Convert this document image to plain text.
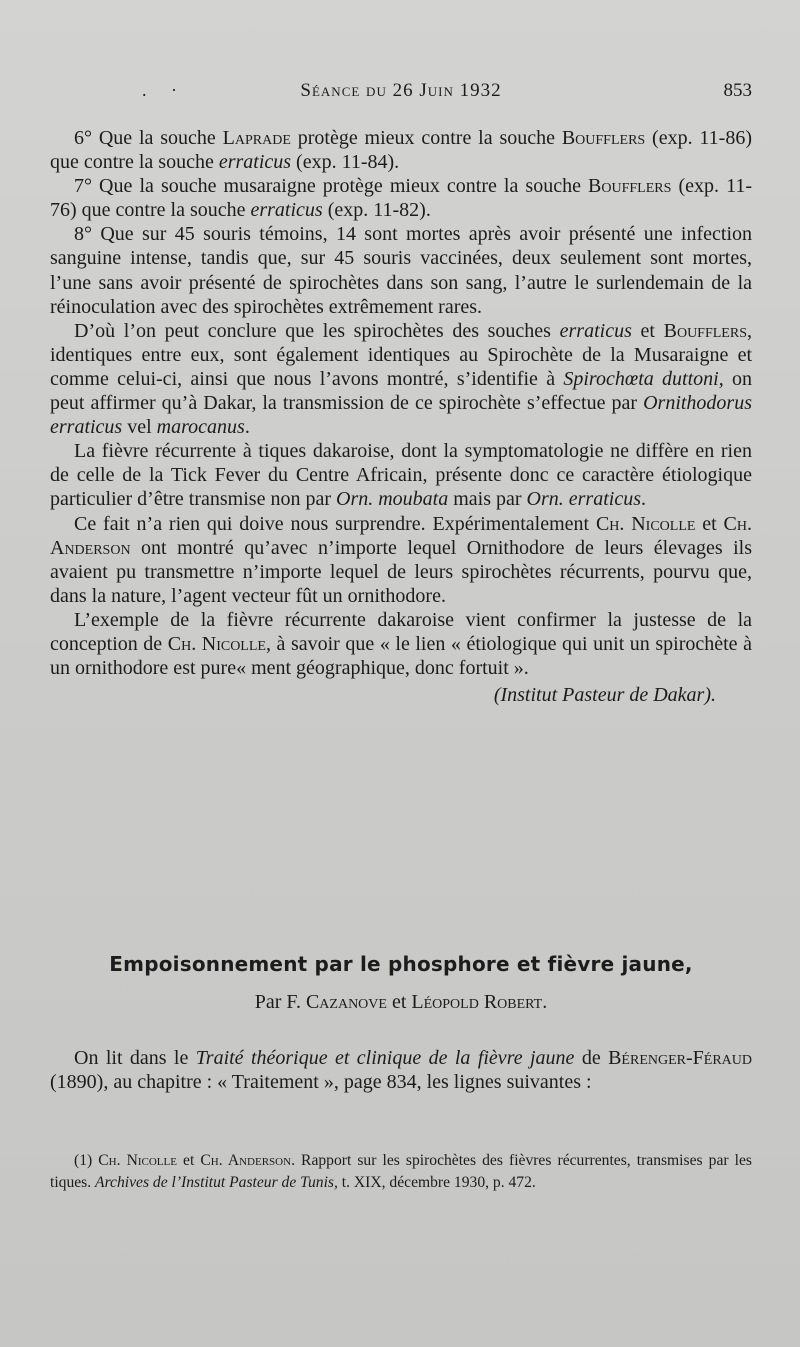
. ·	Séance du 26 Juin 1932	853

6° Que la souche Laprade protège mieux contre la souche Boufflers (exp. 11-86) que contre la souche erraticus (exp. 11-84).

7° Que la souche musaraigne protège mieux contre la souche Boufflers (exp. 11-76) que contre la souche erraticus (exp. 11-82).

8° Que sur 45 souris témoins, 14 sont mortes après avoir présenté une infection sanguine intense, tandis que, sur 45 souris vaccinées, deux seulement sont mortes, l’une sans avoir présenté de spirochètes dans son sang, l’autre le surlendemain de la réinoculation avec des spirochètes extrêmement rares.

D’où l’on peut conclure que les spirochètes des souches erraticus et Boufflers, identiques entre eux, sont également identiques au Spirochète de la Musaraigne et comme celui-ci, ainsi que nous l’avons montré, s’identifie à Spirochœta duttoni, on peut affirmer qu’à Dakar, la transmission de ce spirochète s’effectue par Ornithodorus erraticus vel marocanus.

La fièvre récurrente à tiques dakaroise, dont la symptomatologie ne diffère en rien de celle de la Tick Fever du Centre Africain, présente donc ce caractère étiologique particulier d’être transmise non par Orn. moubata mais par Orn. erraticus.

Ce fait n’a rien qui doive nous surprendre. Expérimentalement Ch. Nicolle et Ch. Anderson ont montré qu’avec n’importe lequel Ornithodore de leurs élevages ils avaient pu transmettre n’importe lequel de leurs spirochètes récurrents, pourvu que, dans la nature, l’agent vecteur fût un ornithodore.

L’exemple de la fièvre récurrente dakaroise vient confirmer la justesse de la conception de Ch. Nicolle, à savoir que « le lien « étiologique qui unit un spirochète à un ornithodore est pure« ment géographique, donc fortuit ».

(Institut Pasteur de Dakar).

Empoisonnement par le phosphore et fièvre jaune,
Par F. Cazanove et Léopold Robert.

On lit dans le Traité théorique et clinique de la fièvre jaune de Bérenger-Féraud (1890), au chapitre : « Traitement », page 834, les lignes suivantes :

(1) Ch. Nicolle et Ch. Anderson. Rapport sur les spirochètes des fièvres récurrentes, transmises par les tiques. Archives de l’Institut Pasteur de Tunis, t. XIX, décembre 1930, p. 472.
